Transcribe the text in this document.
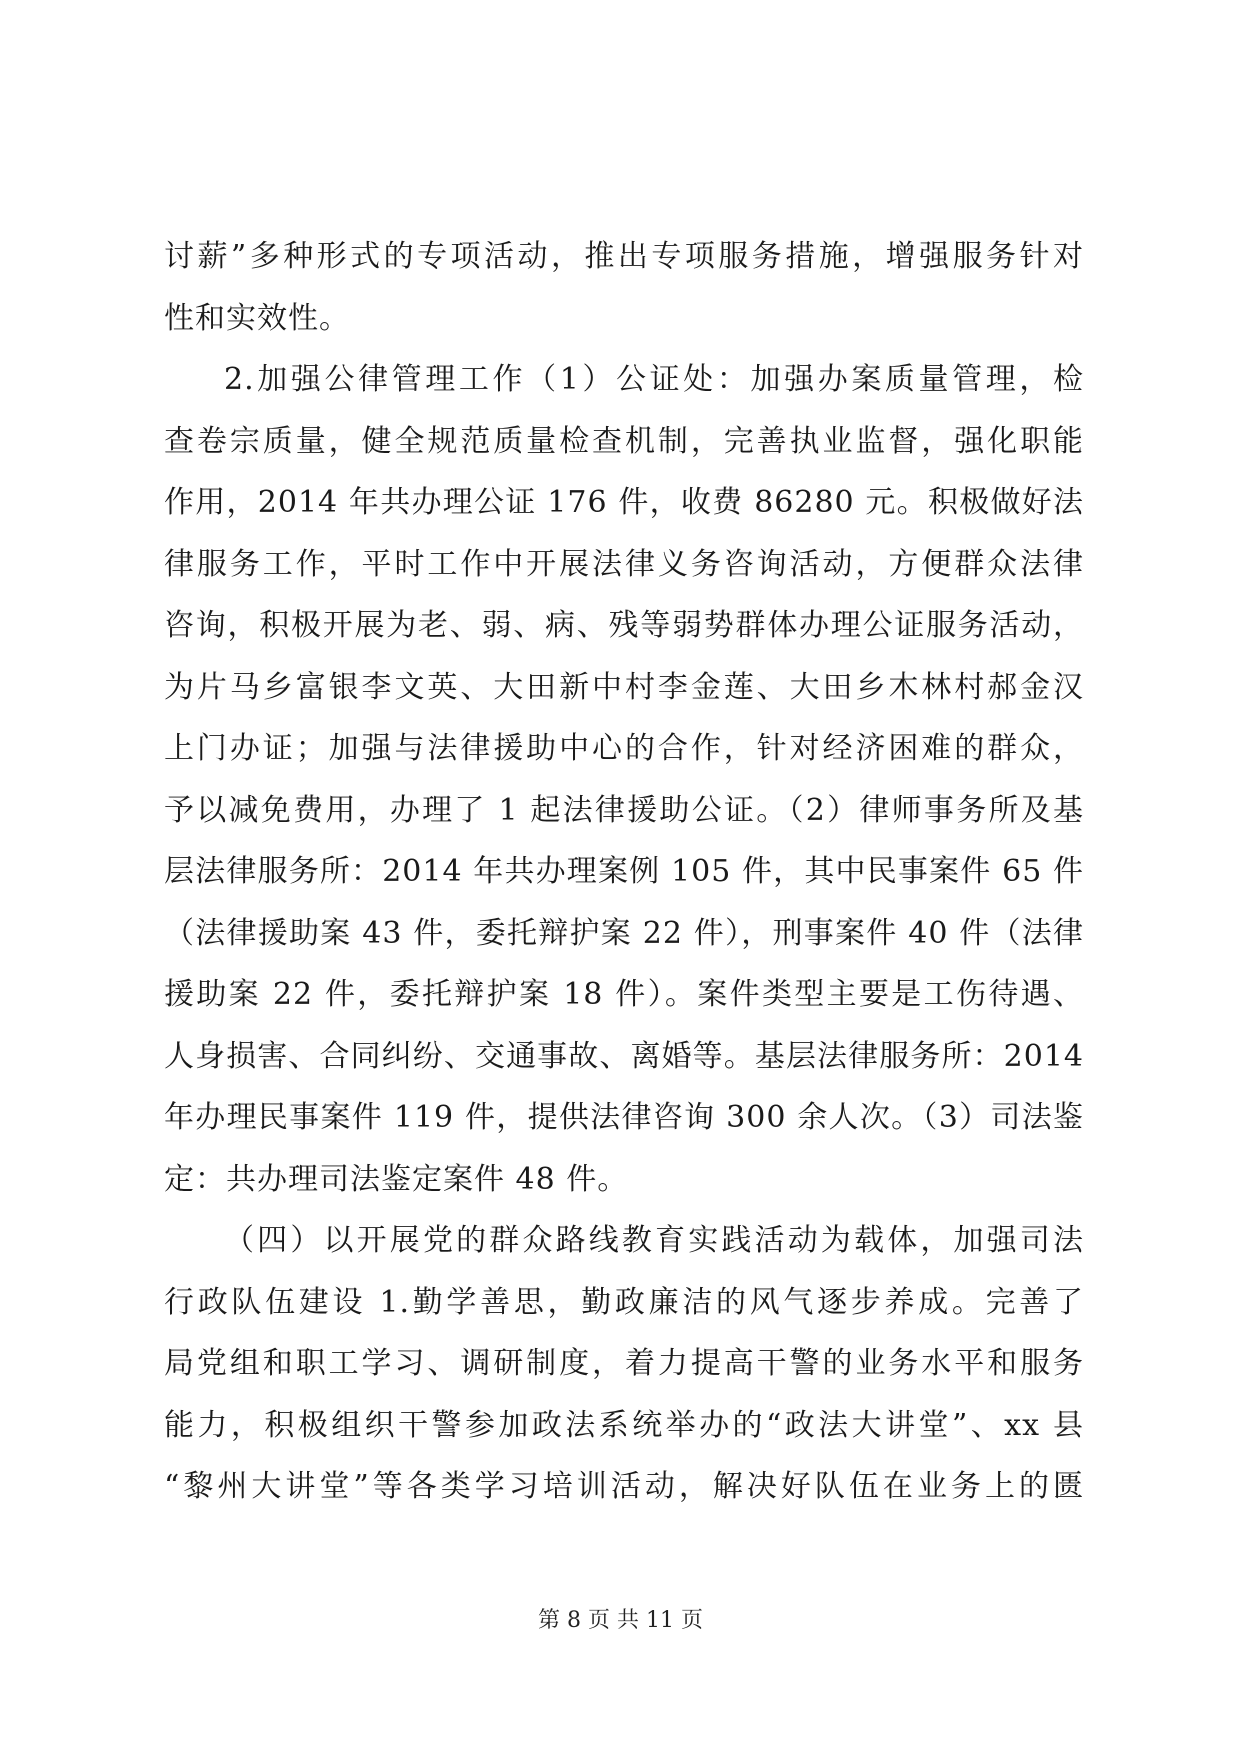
讨薪”多种形式的专项活动，推出专项服务措施，增强服务针对
性和实效性。
2.加强公律管理工作（1）公证处：加强办案质量管理，检
查卷宗质量，健全规范质量检查机制，完善执业监督，强化职能
作用，2014 年共办理公证 176 件，收费 86280 元。积极做好法
律服务工作，平时工作中开展法律义务咨询活动，方便群众法律
咨询，积极开展为老、弱、病、残等弱势群体办理公证服务活动，
为片马乡富银李文英、大田新中村李金莲、大田乡木林村郝金汉
上门办证；加强与法律援助中心的合作，针对经济困难的群众，
予以减免费用，办理了 1 起法律援助公证。（2）律师事务所及基
层法律服务所：2014 年共办理案例 105 件，其中民事案件 65 件
（法律援助案 43 件，委托辩护案 22 件），刑事案件 40 件（法律
援助案 22 件，委托辩护案 18 件）。案件类型主要是工伤待遇、
人身损害、合同纠纷、交通事故、离婚等。基层法律服务所：2014
年办理民事案件 119 件，提供法律咨询 300 余人次。（3）司法鉴
定：共办理司法鉴定案件 48 件。
（四）以开展党的群众路线教育实践活动为载体，加强司法
行政队伍建设 1.勤学善思，勤政廉洁的风气逐步养成。完善了
局党组和职工学习、调研制度，着力提高干警的业务水平和服务
能力，积极组织干警参加政法系统举办的“政法大讲堂”、xx 县
“黎州大讲堂”等各类学习培训活动，解决好队伍在业务上的匮
第 8 页 共 11 页
